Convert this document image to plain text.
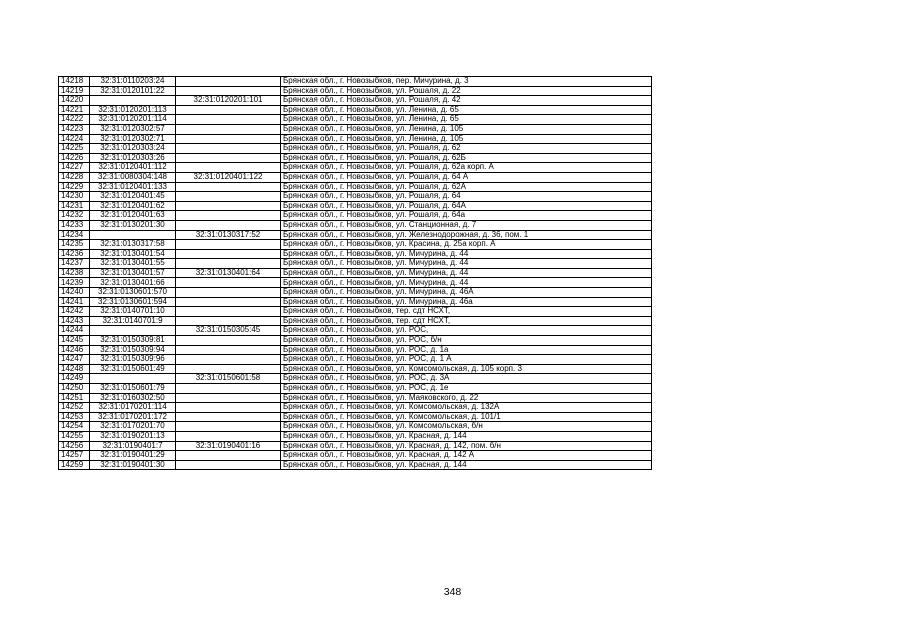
14218	32:31:0110203:24		Брянская обл., г. Новозыбков, пер. Мичурина, д. 3
14219	32:31:0120101:22		Брянская обл., г. Новозыбков, ул. Рошаля, д. 22
14220		32:31:0120201:101	Брянская обл., г. Новозыбков, ул. Рошаля, д. 42
14221	32:31:0120201:113		Брянская обл., г. Новозыбков, ул. Ленина, д. 65
14222	32:31:0120201:114		Брянская обл., г. Новозыбков, ул. Ленина, д. 65
14223	32:31:0120302:57		Брянская обл., г. Новозыбков, ул. Ленина, д. 105
14224	32:31:0120302:71		Брянская обл., г. Новозыбков, ул. Ленина, д. 105
14225	32:31:0120303:24		Брянская обл., г. Новозыбков, ул. Рошаля, д. 62
14226	32:31:0120303:26		Брянская обл., г. Новозыбков, ул. Рошаля, д. 62Б
14227	32:31:0120401:112		Брянская обл., г. Новозыбков, ул. Рошаля, д. 62а корп. А
14228	32:31:0080304:148	32:31:0120401:122	Брянская обл., г. Новозыбков, ул. Рошаля, д. 64 А
14229	32:31:0120401:133		Брянская обл., г. Новозыбков, ул. Рошаля, д. 62А
14230	32:31:0120401:45		Брянская обл., г. Новозыбков, ул. Рошаля, д. 64
14231	32:31:0120401:62		Брянская обл., г. Новозыбков, ул. Рошаля, д. 64А
14232	32:31:0120401:63		Брянская обл., г. Новозыбков, ул. Рошаля, д. 64а
14233	32:31:0130201:30		Брянская обл., г. Новозыбков, ул. Станционная, д. 7
14234		32:31:0130317:52	Брянская обл., г. Новозыбков, ул. Железнодорожная, д. 36, пом. 1
14235	32:31:0130317:58		Брянская обл., г. Новозыбков, ул. Красина, д. 25а корп. А
14236	32:31:0130401:54		Брянская обл., г. Новозыбков, ул. Мичурина, д. 44
14237	32:31:0130401:55		Брянская обл., г. Новозыбков, ул. Мичурина, д. 44
14238	32:31:0130401:57	32:31:0130401:64	Брянская обл., г. Новозыбков, ул. Мичурина, д. 44
14239	32:31:0130401:66		Брянская обл., г. Новозыбков, ул. Мичурина, д. 44
14240	32:31:0130601:570		Брянская обл., г. Новозыбков, ул. Мичурина, д. 46А
14241	32:31:0130601:594		Брянская обл., г. Новозыбков, ул. Мичурина, д. 46а
14242	32:31:0140701:10		Брянская обл., г. Новозыбков, тер. сдт НСХТ,
14243	32:31:0140701:9		Брянская обл., г. Новозыбков, тер. сдт НСХТ,
14244		32:31:0150305:45	Брянская обл., г. Новозыбков, ул. РОС,
14245	32:31:0150309:81		Брянская обл., г. Новозыбков, ул. РОС, б/н
14246	32:31:0150309:94		Брянская обл., г. Новозыбков, ул. РОС, д. 1а
14247	32:31:0150309:96		Брянская обл., г. Новозыбков, ул. РОС, д. 1 А
14248	32:31:0150601:49		Брянская обл., г. Новозыбков, ул. Комсомольская, д. 105 корп. 3
14249		32:31:0150601:58	Брянская обл., г. Новозыбков, ул. РОС, д. 3А
14250	32:31:0150601:79		Брянская обл., г. Новозыбков, ул. РОС, д. 1е
14251	32:31:0160302:50		Брянская обл., г. Новозыбков, ул. Маяковского, д. 22
14252	32:31:0170201:114		Брянская обл., г. Новозыбков, ул. Комсомольская, д. 132А
14253	32:31:0170201:172		Брянская обл., г. Новозыбков, ул. Комсомольская, д. 101/1
14254	32:31:0170201:70		Брянская обл., г. Новозыбков, ул. Комсомольская, б/н
14255	32:31:0190201:13		Брянская обл., г. Новозыбков, ул. Красная, д. 144
14256	32:31:0190401:7	32:31:0190401:16	Брянская обл., г. Новозыбков, ул. Красная, д. 142, пом. б/н
14257	32:31:0190401:29		Брянская обл., г. Новозыбков, ул. Красная, д. 142 А
14259	32:31:0190401:30		Брянская обл., г. Новозыбков, ул. Красная, д. 144
348
